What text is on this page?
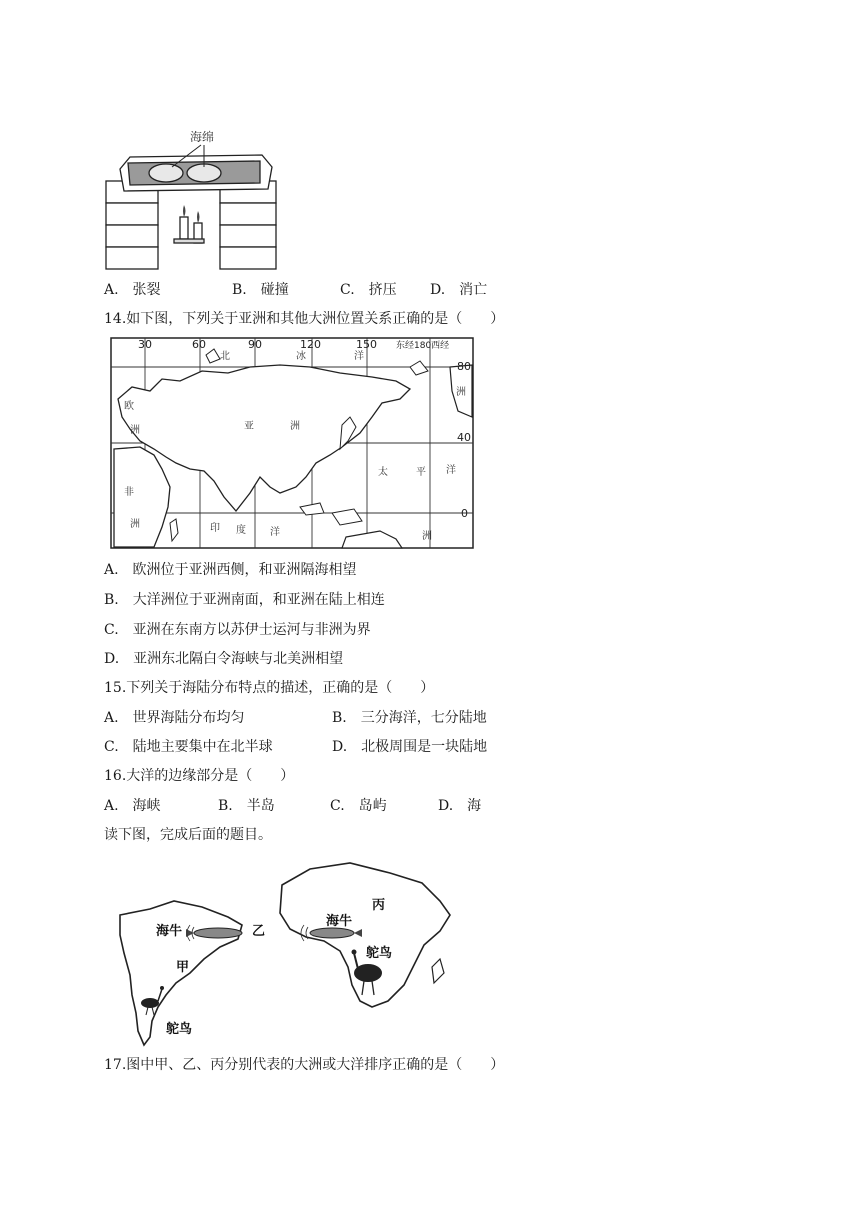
海绵
A.　张裂	B.　碰撞	C.　挤压 D.　消亡
14.如下图，下列关于亚洲和其他大洲位置关系正确的是（　　）
30	60	90	120	150 东经180西经
80
40
0
北	冰	洋
欧
洲	亚	洲
非
洲	印 度 洋
太	平 洋
洲
洲
A.　欧洲位于亚洲西侧，和亚洲隔海相望
B.　大洋洲位于亚洲南面，和亚洲在陆上相连
C.　亚洲在东南方以苏伊士运河与非洲为界
D.　亚洲东北隔白令海峡与北美洲相望
15.下列关于海陆分布特点的描述，正确的是（　　）
A.　世界海陆分布均匀	B.　三分海洋，七分陆地
C.　陆地主要集中在北半球	D.　北极周围是一块陆地
16.大洋的边缘部分是（　　）
A.　海峡	B.　半岛	C.　岛屿	D.　海
读下图，完成后面的题目。
甲
乙
丙
海牛
海牛
鸵鸟
鸵鸟
17.图中甲、乙、丙分别代表的大洲或大洋排序正确的是（　　）
